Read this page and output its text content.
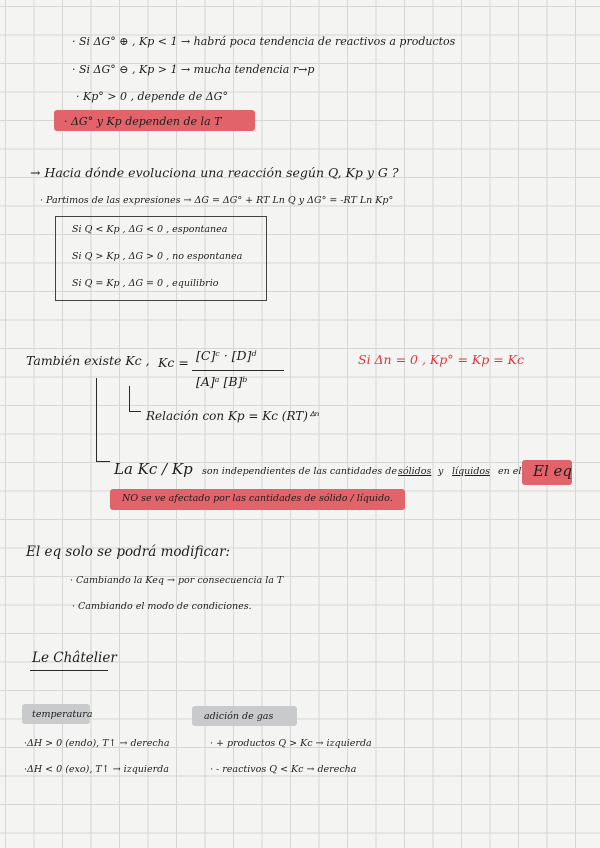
· Si ΔG° ⊕ , Kp < 1 → habrá poca tendencia de reactivos a productos
· Si ΔG° ⊖ , Kp > 1 → mucha tendencia r→p
· Kp° > 0 , depende de ΔG°
· ΔG° y Kp dependen de la T
→ Hacia dónde evoluciona una reacción según Q, Kp y G ?
· Partimos de las expresiones → ΔG = ΔG° + RT Ln Q y ΔG° = -RT Ln Kp°
Si Q < Kp , ΔG < 0 , espontanea
Si Q > Kp , ΔG > 0 , no espontanea
Si Q = Kp , ΔG = 0 , equilibrio
También existe Kc , Kc = [C]ᶜ · [D]ᵈ
[A]ᵃ [B]ᵇ
Si Δn = 0 , Kp° = Kp = Kc
Relación con Kp = Kc (RT)ᐞⁿ
La Kc / Kp son independientes de las cantidades de sólidos y líquidos en el El eq
NO se ve afectado por las cantidades de sólido / líquido.
El eq solo se podrá modificar:
· Cambiando la Keq → por consecuencia la T
· Cambiando el modo de condiciones.
Le Châtelier
temperatura
·ΔH > 0 (endo), T↑ → derecha
·ΔH < 0 (exo), T↑ → izquierda
adición de gas
· + productos Q > Kc → izquierda
· - reactivos Q < Kc → derecha
